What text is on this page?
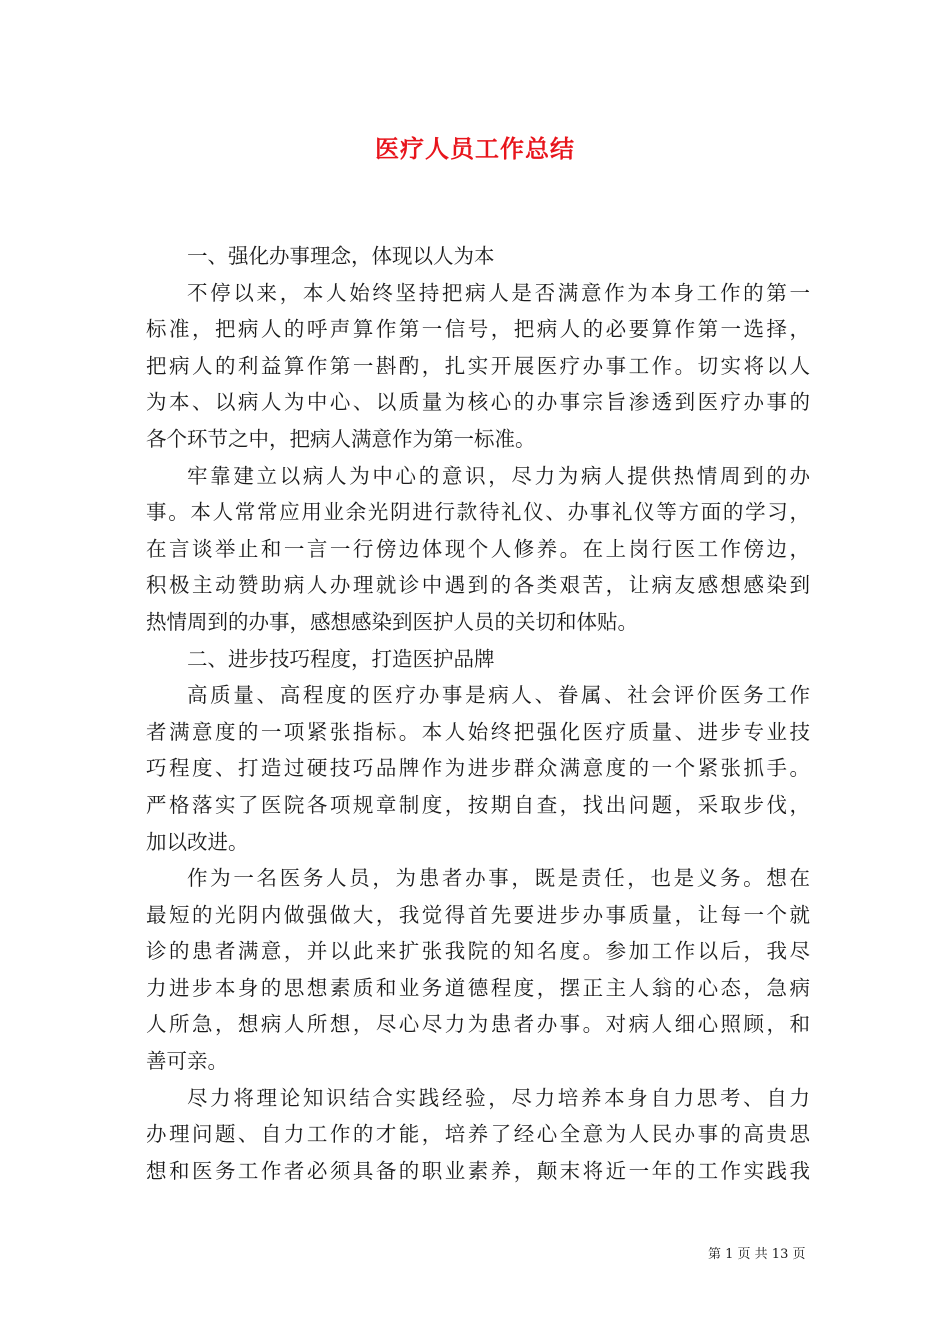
医疗人员工作总结
一、强化办事理念，体现以人为本
不停以来，本人始终坚持把病人是否满意作为本身工作的第一
标准，把病人的呼声算作第一信号，把病人的必要算作第一选择，
把病人的利益算作第一斟酌，扎实开展医疗办事工作。切实将以人
为本、以病人为中心、以质量为核心的办事宗旨渗透到医疗办事的
各个环节之中，把病人满意作为第一标准。
牢靠建立以病人为中心的意识，尽力为病人提供热情周到的办
事。本人常常应用业余光阴进行款待礼仪、办事礼仪等方面的学习，
在言谈举止和一言一行傍边体现个人修养。在上岗行医工作傍边，
积极主动赞助病人办理就诊中遇到的各类艰苦，让病友感想感染到
热情周到的办事，感想感染到医护人员的关切和体贴。
二、进步技巧程度，打造医护品牌
高质量、高程度的医疗办事是病人、眷属、社会评价医务工作
者满意度的一项紧张指标。本人始终把强化医疗质量、进步专业技
巧程度、打造过硬技巧品牌作为进步群众满意度的一个紧张抓手。
严格落实了医院各项规章制度，按期自查，找出问题，采取步伐，
加以改进。
作为一名医务人员，为患者办事，既是责任，也是义务。想在
最短的光阴内做强做大，我觉得首先要进步办事质量，让每一个就
诊的患者满意，并以此来扩张我院的知名度。参加工作以后，我尽
力进步本身的思想素质和业务道德程度，摆正主人翁的心态，急病
人所急，想病人所想，尽心尽力为患者办事。对病人细心照顾，和
善可亲。
尽力将理论知识结合实践经验，尽力培养本身自力思考、自力
办理问题、自力工作的才能，培养了经心全意为人民办事的高贵思
想和医务工作者必须具备的职业素养，颠末将近一年的工作实践我
第 1 页 共 13 页
